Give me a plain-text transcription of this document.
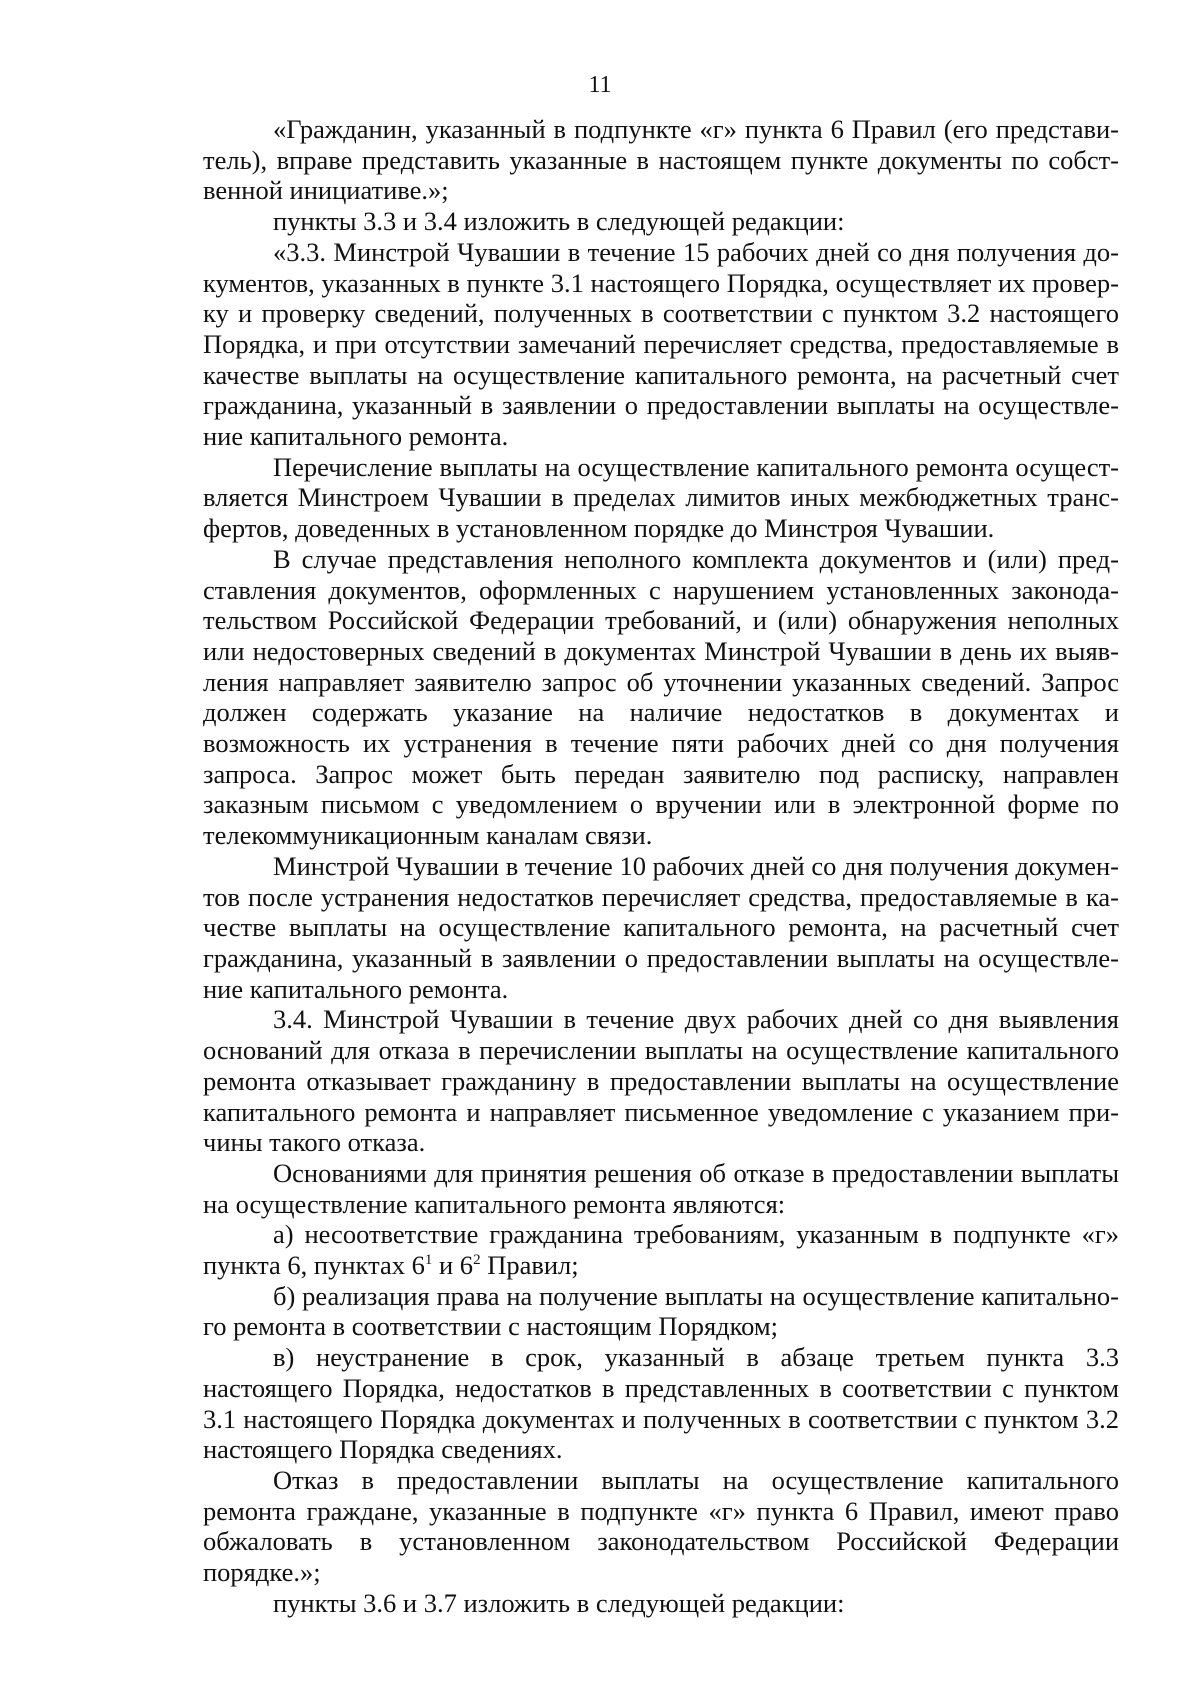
11

«Гражданин, указанный в подпункте «г» пункта 6 Правил (его представитель), вправе представить указанные в настоящем пункте документы по собственной инициативе.»;

пункты 3.3 и 3.4 изложить в следующей редакции:

«3.3. Минстрой Чувашии в течение 15 рабочих дней со дня получения документов, указанных в пункте 3.1 настоящего Порядка, осуществляет их проверку и проверку сведений, полученных в соответствии с пунктом 3.2 настоящего Порядка, и при отсутствии замечаний перечисляет средства, предоставляемые в качестве выплаты на осуществление капитального ремонта, на расчетный счет гражданина, указанный в заявлении о предоставлении выплаты на осуществление капитального ремонта.

Перечисление выплаты на осуществление капитального ремонта осуществляется Минстроем Чувашии в пределах лимитов иных межбюджетных трансфертов, доведенных в установленном порядке до Минстроя Чувашии.

В случае представления неполного комплекта документов и (или) представления документов, оформленных с нарушением установленных законодательством Российской Федерации требований, и (или) обнаружения неполных или недостоверных сведений в документах Минстрой Чувашии в день их выявления направляет заявителю запрос об уточнении указанных сведений. Запрос должен содержать указание на наличие недостатков в документах и возможность их устранения в течение пяти рабочих дней со дня получения запроса. Запрос может быть передан заявителю под расписку, направлен заказным письмом с уведомлением о вручении или в электронной форме по телекоммуникационным каналам связи.

Минстрой Чувашии в течение 10 рабочих дней со дня получения документов после устранения недостатков перечисляет средства, предоставляемые в качестве выплаты на осуществление капитального ремонта, на расчетный счет гражданина, указанный в заявлении о предоставлении выплаты на осуществление капитального ремонта.

3.4. Минстрой Чувашии в течение двух рабочих дней со дня выявления оснований для отказа в перечислении выплаты на осуществление капитального ремонта отказывает гражданину в предоставлении выплаты на осуществление капитального ремонта и направляет письменное уведомление с указанием причины такого отказа.

Основаниями для принятия решения об отказе в предоставлении выплаты на осуществление капитального ремонта являются:

а) несоответствие гражданина требованиям, указанным в подпункте «г» пункта 6, пунктах $6^1$ и $6^2$ Правил;

б) реализация права на получение выплаты на осуществление капитального ремонта в соответствии с настоящим Порядком;

в) неустранение в срок, указанный в абзаце третьем пункта 3.3 настоящего Порядка, недостатков в представленных в соответствии с пунктом 3.1 настоящего Порядка документах и полученных в соответствии с пунктом 3.2 настоящего Порядка сведениях.

Отказ в предоставлении выплаты на осуществление капитального ремонта граждане, указанные в подпункте «г» пункта 6 Правил, имеют право обжаловать в установленном законодательством Российской Федерации порядке.»;

пункты 3.6 и 3.7 изложить в следующей редакции:
